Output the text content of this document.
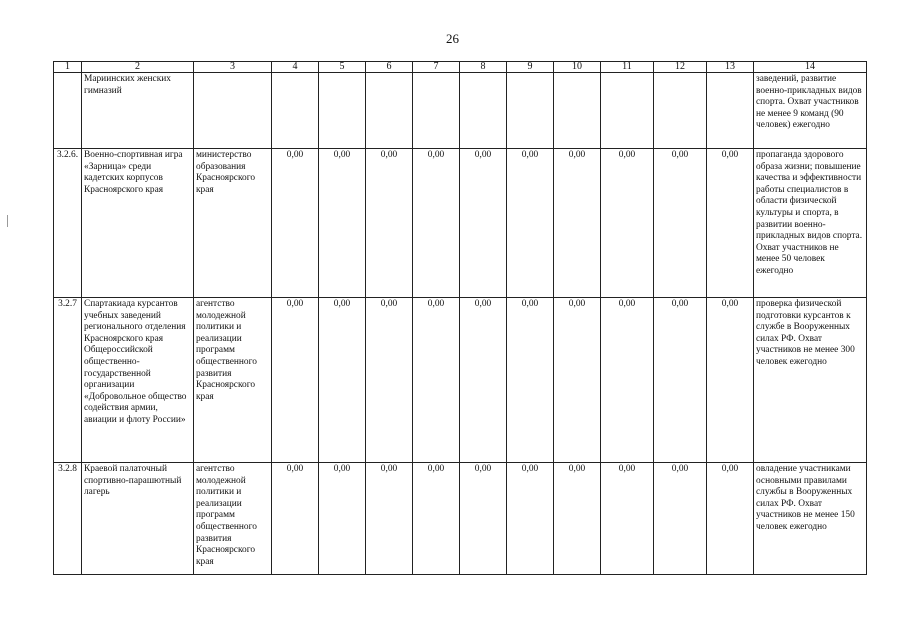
26
1	2	3	4	5	6	7	8	9	10	11	12	13	14
	Мариинских женских гимназий												заведений, развитие военно-прикладных видов спорта. Охват участников не менее 9 команд (90 человек) ежегодно
3.2.6.	Военно-спортивная игра «Зарница» среди кадетских корпусов Красноярского края	министерство образования Красноярского края	0,00	0,00	0,00	0,00	0,00	0,00	0,00	0,00	0,00	0,00	пропаганда здорового образа жизни; повышение качества и эффективности работы специалистов в области физической культуры и спорта, в развитии военно-прикладных видов спорта. Охват участников не менее 50 человек ежегодно
3.2.7	Спартакиада курсантов учебных заведений регионального отделения Красноярского края Общероссийской общественно-государственной организации «Добровольное общество содействия армии, авиации и флоту России»	агентство молодежной политики и реализации программ общественного развития Красноярского края	0,00	0,00	0,00	0,00	0,00	0,00	0,00	0,00	0,00	0,00	проверка физической подготовки курсантов к службе в Вооруженных силах РФ. Охват участников не менее 300 человек ежегодно
3.2.8	Краевой палаточный спортивно-парашютный лагерь	агентство молодежной политики и реализации программ общественного развития Красноярского края	0,00	0,00	0,00	0,00	0,00	0,00	0,00	0,00	0,00	0,00	овладение участниками основными правилами службы в Вооруженных силах РФ. Охват участников не менее 150 человек ежегодно
